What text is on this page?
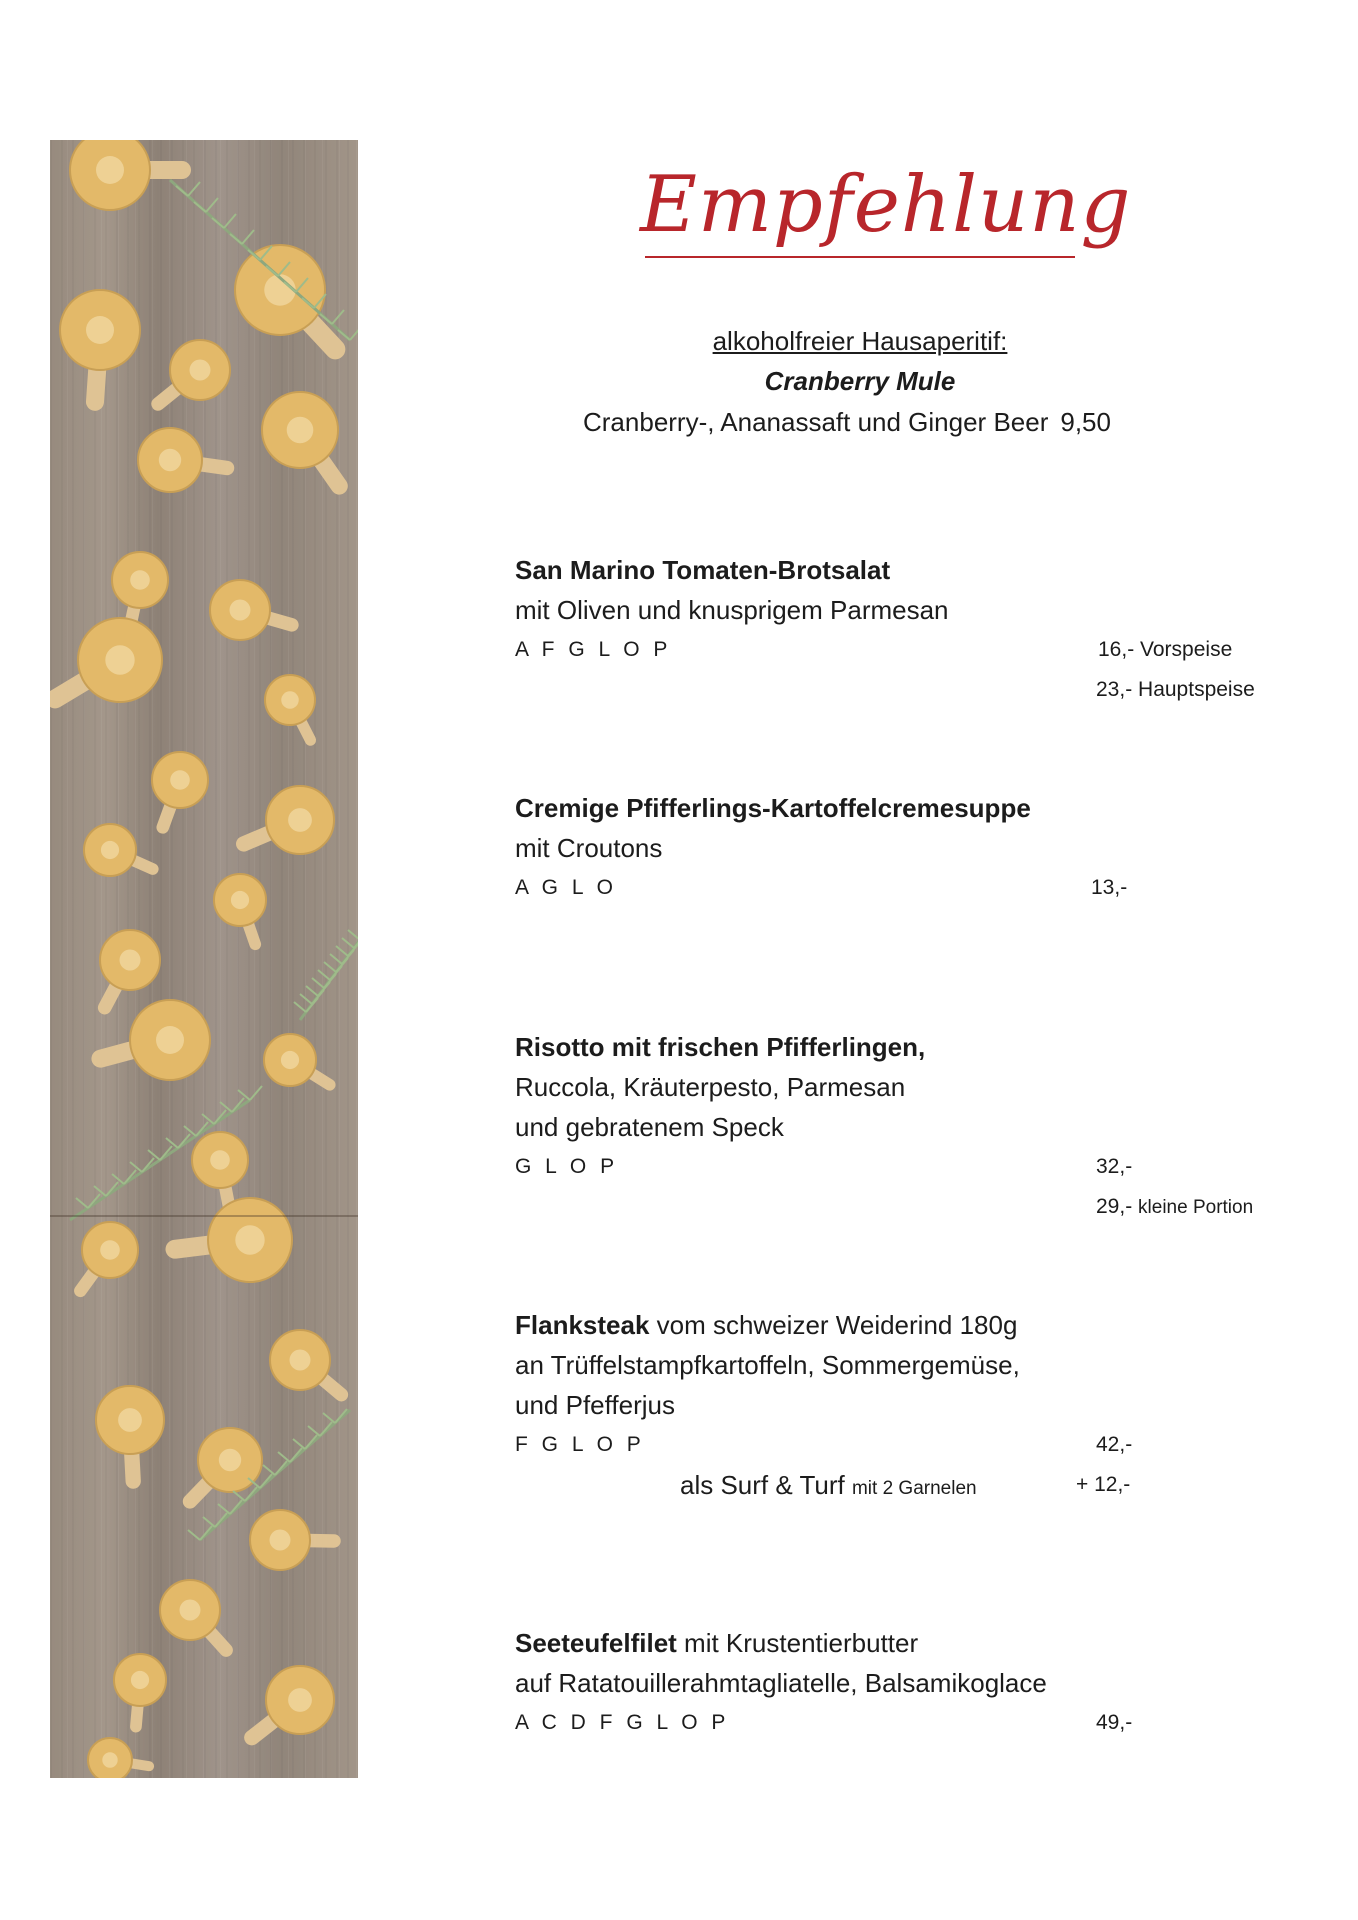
Empfehlung
alkoholfreier Hausaperitif:
Cranberry Mule
Cranberry-, Ananassaft und Ginger Beer 9,50
San Marino Tomaten-Brotsalat
mit Oliven und knusprigem Parmesan
A F G L O P	16,- Vorspeise
23,- Hauptspeise
Cremige Pfifferlings-Kartoffelcremesuppe
mit Croutons
A G L O	13,-
Risotto mit frischen Pfifferlingen,
Ruccola, Kräuterpesto, Parmesan
und gebratenem Speck
G L O P	32,-
29,- kleine Portion
Flanksteak vom schweizer Weiderind 180g
an Trüffelstampfkartoffeln, Sommergemüse,
und Pfefferjus
F G L O P	42,-
als Surf & Turf mit 2 Garnelen	+ 12,-
Seeteufelfilet mit Krustentierbutter
auf Ratatouillerahmtagliatelle, Balsamikoglace
A C D F G L O P	49,-
